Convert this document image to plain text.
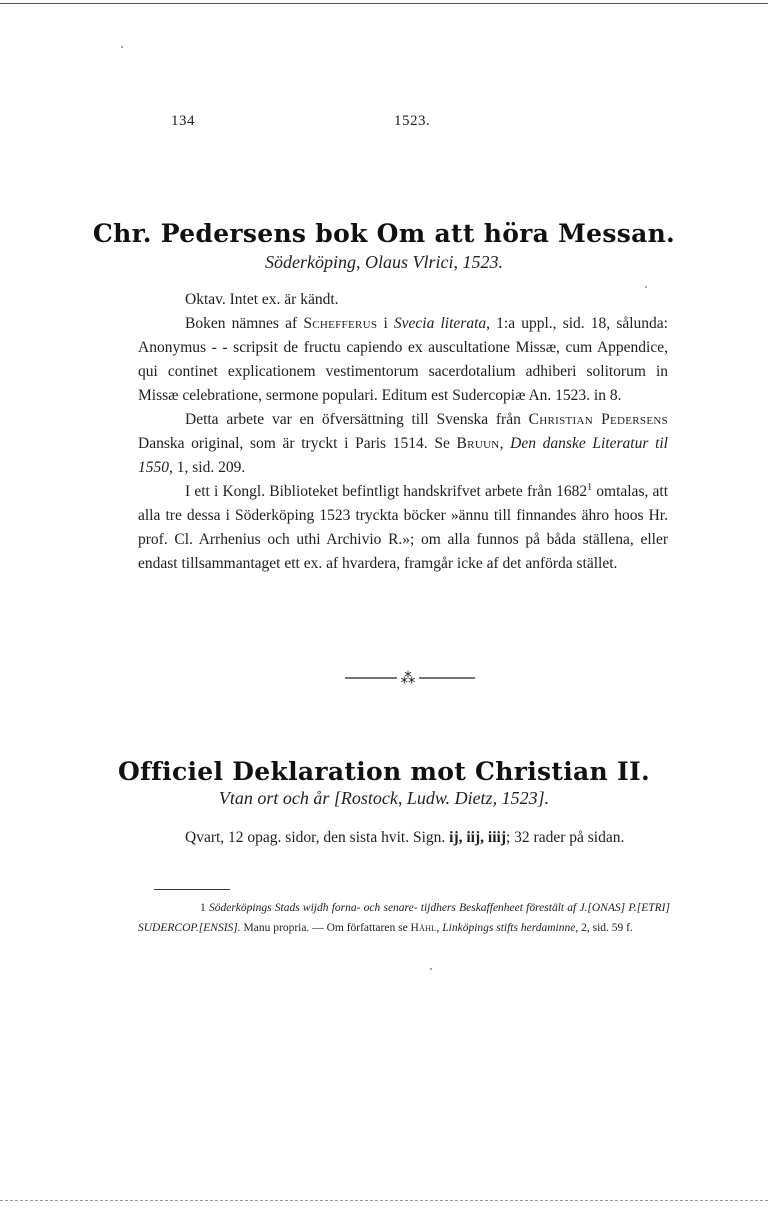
134	1523.
Chr. Pedersens bok Om att höra Messan.
Söderköping, Olaus Vlrici, 1523.

Oktav. Intet ex. är kändt.

Boken nämnes af Schefferus i Svecia literata, 1:a uppl., sid. 18, sålunda: Anonymus - - scripsit de fructu capiendo ex auscultatione Missæ, cum Appendice, qui continet explicationem vestimentorum sacerdotalium adhiberi solitorum in Missæ celebratione, sermone populari. Editum est Sudercopiæ An. 1523. in 8.

Detta arbete var en öfversättning till Svenska från Christian Pedersens Danska original, som är tryckt i Paris 1514. Se Bruun, Den danske Literatur til 1550, 1, sid. 209.

I ett i Kongl. Biblioteket befintligt handskrifvet arbete från 1682$^1$ omtalas, att alla tre dessa i Söderköping 1523 tryckta böcker »ännu till finnandes ähro hoos Hr. prof. Cl. Arrhenius och uthi Archivio R.»; om alla funnos på båda ställena, eller endast tillsammantaget ett ex. af hvardera, framgår icke af det anförda stället.

⁂
Officiel Deklaration mot Christian II.
Vtan ort och år [Rostock, Ludw. Dietz, 1523].

Qvart, 12 opag. sidor, den sista hvit. Sign. ij, iij, iiij; 32 rader på sidan.

1 Söderköpings Stads wijdh forna- och senare- tijdhers Beskaffenheet förestält af J.[ONAS] P.[ETRI] SUDERCOP.[ENSIS]. Manu propria. — Om författaren se Håhl, Linköpings stifts herdaminne, 2, sid. 59 f.
